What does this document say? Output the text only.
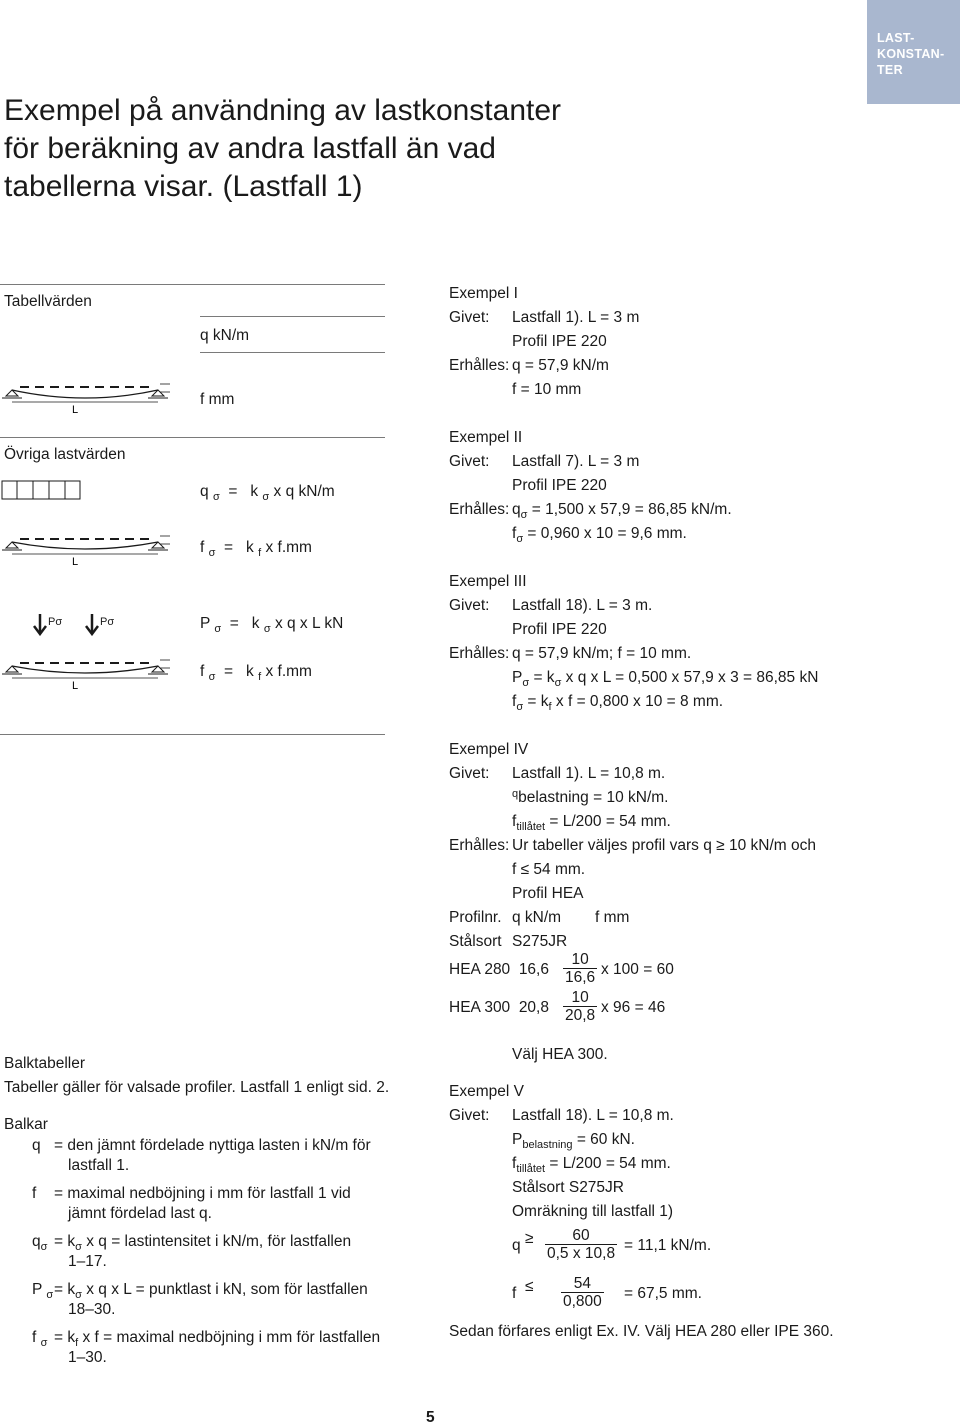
LAST-
KONSTAN-
TER
Exempel på användning av lastkonstanter för beräkning av andra lastfall än vad tabellerna visar. (Lastfall 1)
Tabellvärden
q kN/m
L
f mm
Övriga lastvärden
q $_\sigma$ = k $_\sigma$ x q kN/m
L
f $_\sigma$ = k $_f$ x f.mm
Pσ	Pσ	P $_\sigma$ = k $_\sigma$ x q x L kN
L
f $_\sigma$ = k $_f$ x f.mm
Balktabeller
Tabeller gäller för valsade profiler. Lastfall 1 enligt sid. 2.
Balkar
q = den jämnt fördelade nyttiga lasten i kN/m för
lastfall 1.
f = maximal nedböjning i mm för lastfall 1 vid
jämnt fördelad last q.
$q_\sigma = k_\sigma$ x q = lastintensitet i kN/m, för lastfallen
1–17.
P $_\sigma = k_\sigma$ x q x L = punktlast i kN, som för lastfallen
18–30.
f $_\sigma = k_f$ x f = maximal nedböjning i mm för lastfallen
1–30.
Exempel I
Givet: Lastfall 1). L = 3 m
Profil IPE 220
Erhålles: q = 57,9 kN/m
f = 10 mm
Exempel II
Givet: Lastfall 7). L = 3 m
Profil IPE 220
Erhålles: $q_\sigma = 1,500$ x 57,9 = 86,85 kN/m.
$f_\sigma = 0,960$ x 10 = 9,6 mm.
Exempel III
Givet: Lastfall 18). L = 3 m.
Profil IPE 220
Erhålles: q = 57,9 kN/m; f = 10 mm.
$P_\sigma = k_\sigma$ x q x L = 0,500 x 57,9 x 3 = 86,85 kN
$f_\sigma = k_f$ x f = 0,800 x 10 = 8 mm.
Exempel IV
Givet: Lastfall 1). L = 10,8 m.
$^q$belastning = 10 kN/m.
$f_{tillåtet} = L/200 = 54$ mm.
Erhålles: Ur tabeller väljes profil vars q ≥ 10 kN/m och
f ≤ 54 mm.
Profil HEA
Profilnr. q kN/m f mm
Stålsort S275JR
HEA 280 $16,6 \frac{10}{16,6}$ x 100 = 60
HEA 300 $20,8 \frac{10}{20,8}$ x 96 = 46
Välj HEA 300.
Exempel V
Givet: Lastfall 18). L = 10,8 m.
$P_{belastning} = 60$ kN.
$f_{tillåtet} = L/200 = 54$ mm.
Stålsort S275JR
Omräkning till lastfall 1)
$q \ge \frac{60}{0,5 x 10,8} = 11,1$ kN/m.
$f \le \frac{54}{0,800} = 67,5$ mm.
Sedan förfares enligt Ex. IV. Välj HEA 280 eller IPE 360.
5
